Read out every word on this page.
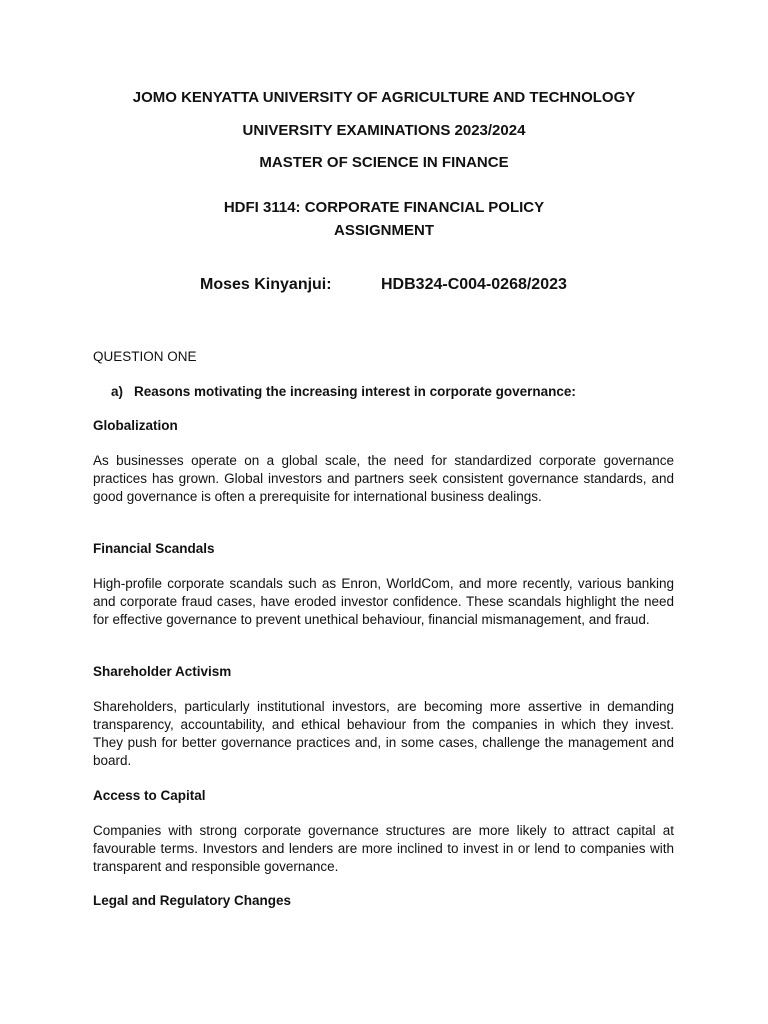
JOMO KENYATTA UNIVERSITY OF AGRICULTURE AND TECHNOLOGY
UNIVERSITY EXAMINATIONS 2023/2024
MASTER OF SCIENCE IN FINANCE
HDFI 3114: CORPORATE FINANCIAL POLICY
ASSIGNMENT
Moses Kinyanjui:	HDB324-C004-0268/2023
QUESTION ONE
a) Reasons motivating the increasing interest in corporate governance:
Globalization

As businesses operate on a global scale, the need for standardized corporate governance practices has grown. Global investors and partners seek consistent governance standards, and good governance is often a prerequisite for international business dealings.

Financial Scandals

High-profile corporate scandals such as Enron, WorldCom, and more recently, various banking and corporate fraud cases, have eroded investor confidence. These scandals highlight the need for effective governance to prevent unethical behaviour, financial mismanagement, and fraud.

Shareholder Activism

Shareholders, particularly institutional investors, are becoming more assertive in demanding transparency, accountability, and ethical behaviour from the companies in which they invest. They push for better governance practices and, in some cases, challenge the management and board.

Access to Capital

Companies with strong corporate governance structures are more likely to attract capital at favourable terms. Investors and lenders are more inclined to invest in or lend to companies with transparent and responsible governance.

Legal and Regulatory Changes
